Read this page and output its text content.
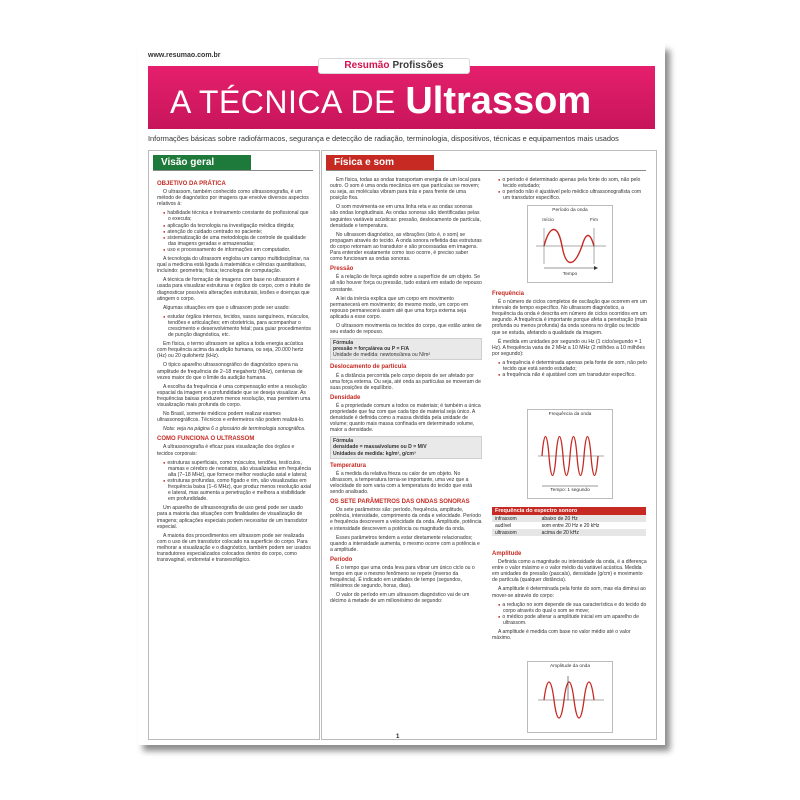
www.resumao.com.br
Resumão Profissões
A TÉCNICA DE Ultrassom
Informações básicas sobre radiofármacos, segurança e detecção de radiação, terminologia, dispositivos, técnicas e equipamentos mais usados
Visão geral
OBJETIVO DA PRÁTICA

O ultrassom, também conhecido como ultrassonografia, é um método de diagnóstico por imagens que envolve diversos aspectos relativos à:

● habilidade técnica e treinamento constante do profissional que o executa;
● aplicação da tecnologia na investigação médica dirigida;
● atenção do cuidado centrado no paciente;
● sistematização de uma metodologia de controle de qualidade das imagens geradas e armazenadas;
● uso e processamento de informações em computador.

A tecnologia do ultrassom engloba um campo multidisciplinar, na qual a medicina está ligada à matemática e ciências quantitativas, incluindo: geometria; física; tecnologia de computação.

A técnica de formação de imagens com base no ultrassom é usada para visualizar estruturas e órgãos do corpo, com o intuito de diagnosticar possíveis alterações estruturais, lesões e doenças que atingem o corpo.

Algumas situações em que o ultrassom pode ser usado:

● estudar órgãos internos, tecidos, vasos sanguíneos, músculos, tendões e articulações; em obstetrícia, para acompanhar o crescimento e desenvolvimento fetal; para guiar procedimentos de punção diagnóstica, etc.

Em física, o termo ultrassom se aplica a toda energia acústica com frequência acima da audição humana, ou seja, 20.000 hertz (Hz) ou 20 quilohertz (kHz).

O típico aparelho ultrassonográfico de diagnóstico opera na amplitude de frequência de 2–18 megahertz (MHz), centenas de vezes maior do que o limite da audição humana.

A escolha da frequência é uma compensação entre a resolução espacial da imagem e a profundidade que se deseja visualizar. As frequências baixas produzem menos resolução, mas permitem uma visualização mais profunda do corpo.

No Brasil, somente médicos podem realizar exames ultrassonográficos. Técnicos e enfermeiros não podem realizá-lo.

Nota: veja na página 6 o glossário de terminologia sonográfica.

COMO FUNCIONA O ULTRASSOM

A ultrassonografia é eficaz para visualização dos órgãos e tecidos corporais:

● estruturas superficiais, como músculos, tendões, testículos, mamas e cérebro de neonatos, são visualizadas em frequência alta (7–18 MHz), que fornece melhor resolução axial e lateral;
● estruturas profundas, como fígado e rim, são visualizadas em frequência baixa (1–6 MHz), que produz menos resolução axial e lateral, mas aumenta a penetração e melhora a visibilidade em profundidade.

Um aparelho de ultrassonografia de uso geral pode ser usado para a maioria das situações com finalidades de visualização de imagens; aplicações especiais podem necessitar de um transdutor especial.

A maioria dos procedimentos em ultrassom pode ser realizada com o uso de um transdutor colocado na superfície do corpo. Para melhorar a visualização e o diagnóstico, também podem ser usados transdutores especializados colocados dentro do corpo, como transvaginal, endorretal e transesofágico.

Física e som

Em física, todas as ondas transportam energia de um local para outro. O som é uma onda mecânica em que partículas se movem; ou seja, as moléculas vibram para trás e para frente de uma posição fixa.

O som movimenta-se em uma linha reta e as ondas sonoras são ondas longitudinais. As ondas sonoras são identificadas pelas seguintes variáveis acústicas: pressão, deslocamento de partícula, densidade e temperatura.

No ultrassom diagnóstico, as vibrações (isto é, o som) se propagam através do tecido. A onda sonora refletida das estruturas do corpo retornam ao transdutor e são processadas em imagens. Para entender exatamente como isso ocorre, é preciso saber como funcionam as ondas sonoras.

Pressão

É a relação de força agindo sobre a superfície de um objeto. Se ali não houver força ou pressão, tudo estará em estado de repouso constante.

A lei da inércia explica que um corpo em movimento permanecerá em movimento; do mesmo modo, um corpo em repouso permanecerá assim até que uma força externa seja aplicada a esse corpo.

O ultrassom movimenta os tecidos do corpo, que estão antes de seu estado de repouso.

Fórmula
pressão = força/área ou P = F/A
Unidade de medida: newtons/área ou N/m²
Deslocamento de partícula

É a distância percorrida pelo corpo depois de ser afetado por uma força externa. Ou seja, até onda as partículas se moveram de suas posições de equilíbrio.

Densidade

É a propriedade comum a todos os materiais; é também a única propriedade que faz com que cada tipo de material seja único. A densidade é definida como a massa dividida pela unidade de volume; quanto mais massa confinada em determinado volume, maior a densidade.

Fórmula
densidade = massa/volume ou D = M/V
Unidades de medida: kg/m³, g/cm³
Temperatura

É a medida da relativa frieza ou calor de um objeto. No ultrassom, a temperatura torna-se importante, uma vez que a velocidade do som varia com a temperatura do tecido que está sendo analisado.

OS SETE PARÂMETROS DAS ONDAS SONORAS

Os sete parâmetros são: período, frequência, amplitude, potência, intensidade, comprimento da onda e velocidade. Período e frequência descrevem a velocidade da onda. Amplitude, potência e intensidade descrevem a potência ou magnitude da onda.

Esses parâmetros tendem a estar diretamente relacionados; quando a intensidade aumenta, o mesmo ocorre com a potência e a amplitude.

Período

É o tempo que uma onda leva para vibrar um único ciclo ou o tempo em que o mesmo fenômeno se repete (inverso da frequência). É indicado em unidades de tempo (segundos, milésimos de segundo, horas, dias).

O valor do período em um ultrassom diagnóstico vai de um décimo à metade de um milionésimo de segundo:

● o período é determinado apenas pela fonte do som, não pelo tecido estudado;
● o período não é ajustável pelo médico ultrassonografista com um transdutor específico.
Período da onda
Início	Fim
Tempo
Frequência

É o número de ciclos completos de oscilação que ocorrem em um intervalo de tempo específico. No ultrassom diagnóstico, a frequência da onda é descrita em número de ciclos ocorridos em um segundo. A frequência é importante porque afeta a penetração (mais profunda ou menos profunda) da onda sonora no órgão ou tecido que se estuda, afetando a qualidade da imagem.

É medida em unidades por segundo ou Hz (1 ciclo/segundo = 1 Hz). A frequência varia de 2 MHz a 10 MHz (2 milhões a 10 milhões por segundo):

● a frequência é determinada apenas pela fonte de som, não pelo tecido que está sendo estudado;
● a frequência não é ajustável com um transdutor específico.
Frequência da onda
Tempo: 1 segundo
Frequência do espectro sonoro
infrassom	abaixo de 20 Hz
audível	som entre 20 Hz e 20 kHz
ultrassom	acima de 20 kHz
Amplitude

Definida como a magnitude ou intensidade da onda, é a diferença entre o valor máximo e o valor médio da variável acústica. Medida em unidades de pressão (pascals), densidade (g/cm) e movimento de partícula (qualquer distância).

A amplitude é determinada pela fonte do som, mas ela diminui ao mover-se através do corpo:

● a redução no som depende de sua característica e do tecido do corpo através do qual o som se move;
● o médico pode alterar a amplitude inicial em um aparelho de ultrassom.

A amplitude é medida com base no valor médio até o valor máximo.

Amplitude da onda
1
